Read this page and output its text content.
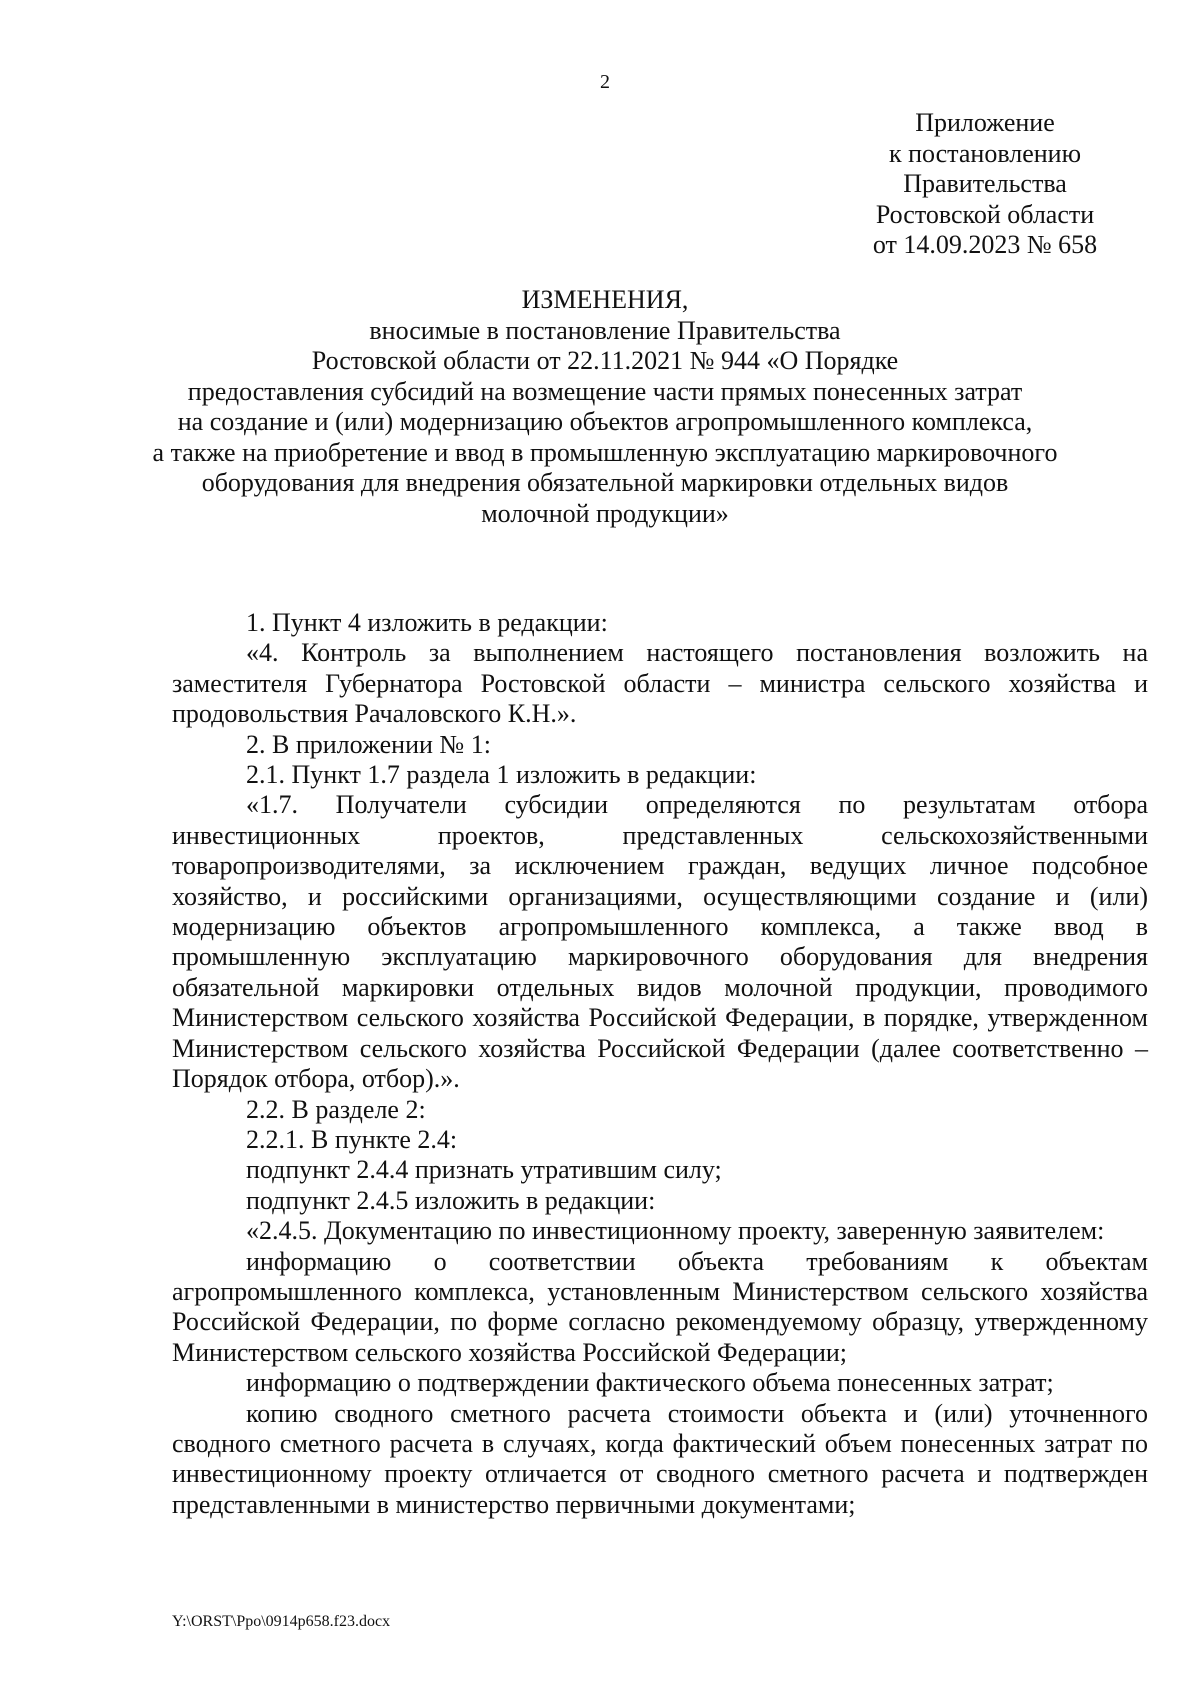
2
Приложение
к постановлению
Правительства
Ростовской области
от 14.09.2023 № 658
ИЗМЕНЕНИЯ,
вносимые в постановление Правительства
Ростовской области от 22.11.2021 № 944 «О Порядке
предоставления субсидий на возмещение части прямых понесенных затрат
на создание и (или) модернизацию объектов агропромышленного комплекса,
а также на приобретение и ввод в промышленную эксплуатацию маркировочного
оборудования для внедрения обязательной маркировки отдельных видов
молочной продукции»

1. Пункт 4 изложить в редакции:

«4. Контроль за выполнением настоящего постановления возложить на заместителя Губернатора Ростовской области – министра сельского хозяйства и продовольствия Рачаловского К.Н.».

2. В приложении № 1:

2.1. Пункт 1.7 раздела 1 изложить в редакции:

«1.7. Получатели субсидии определяются по результатам отбора инвестиционных проектов, представленных сельскохозяйственными товаропроизводителями, за исключением граждан, ведущих личное подсобное хозяйство, и российскими организациями, осуществляющими создание и (или) модернизацию объектов агропромышленного комплекса, а также ввод в промышленную эксплуатацию маркировочного оборудования для внедрения обязательной маркировки отдельных видов молочной продукции, проводимого Министерством сельского хозяйства Российской Федерации, в порядке, утвержденном Министерством сельского хозяйства Российской Федерации (далее соответственно – Порядок отбора, отбор).».

2.2. В разделе 2:

2.2.1. В пункте 2.4:

подпункт 2.4.4 признать утратившим силу;

подпункт 2.4.5 изложить в редакции:

«2.4.5. Документацию по инвестиционному проекту, заверенную заявителем:

информацию о соответствии объекта требованиям к объектам агропромышленного комплекса, установленным Министерством сельского хозяйства Российской Федерации, по форме согласно рекомендуемому образцу, утвержденному Министерством сельского хозяйства Российской Федерации;

информацию о подтверждении фактического объема понесенных затрат;

копию сводного сметного расчета стоимости объекта и (или) уточненного сводного сметного расчета в случаях, когда фактический объем понесенных затрат по инвестиционному проекту отличается от сводного сметного расчета и подтвержден представленными в министерство первичными документами;

Y:\ORST\Ppo\0914p658.f23.docx
